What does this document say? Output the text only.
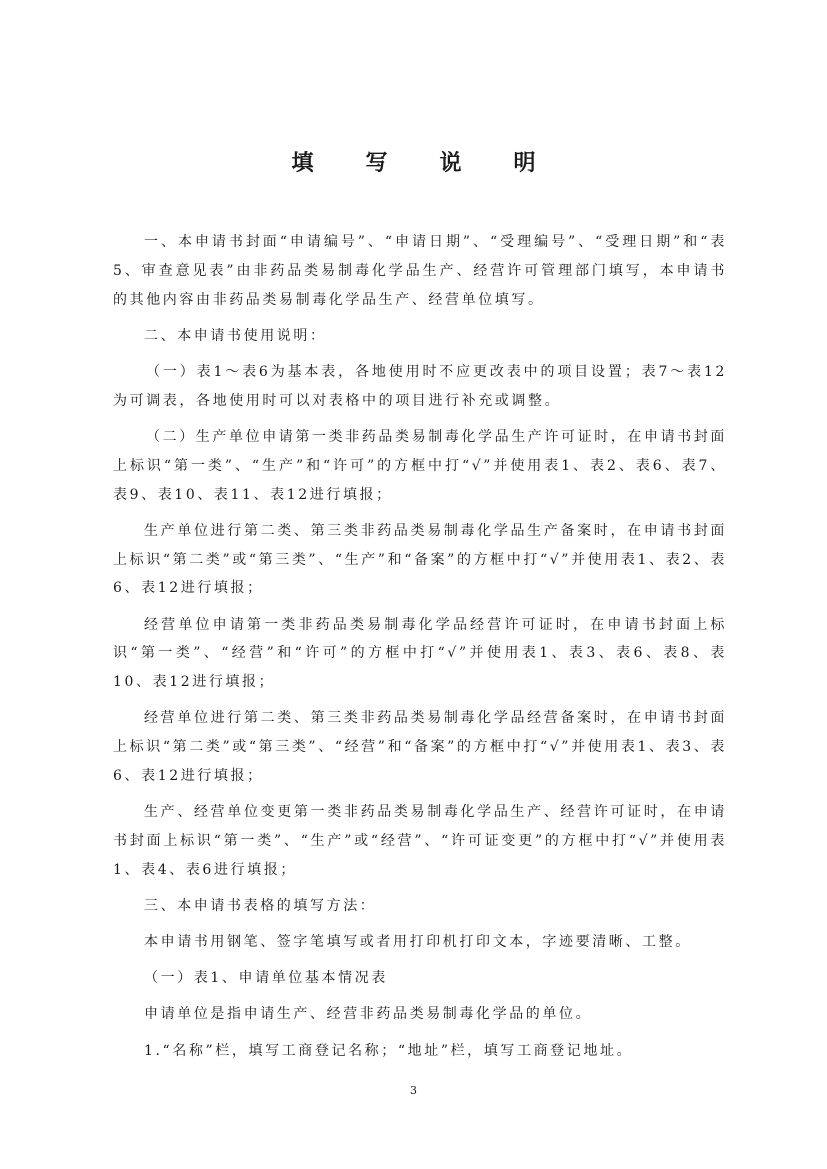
填 写 说 明

一、本申请书封面“申请编号”、“申请日期”、“受理编号”、“受理日期”和“表5、审查意见表”由非药品类易制毒化学品生产、经营许可管理部门填写，本申请书的其他内容由非药品类易制毒化学品生产、经营单位填写。

二、本申请书使用说明：

（一）表1～表6为基本表，各地使用时不应更改表中的项目设置；表7～表12为可调表，各地使用时可以对表格中的项目进行补充或调整。

（二）生产单位申请第一类非药品类易制毒化学品生产许可证时，在申请书封面上标识“第一类”、“生产”和“许可”的方框中打“√”并使用表1、表2、表6、表7、表9、表10、表11、表12进行填报；

生产单位进行第二类、第三类非药品类易制毒化学品生产备案时，在申请书封面上标识“第二类”或“第三类”、“生产”和“备案”的方框中打“√”并使用表1、表2、表6、表12进行填报；

经营单位申请第一类非药品类易制毒化学品经营许可证时，在申请书封面上标识“第一类”、“经营”和“许可”的方框中打“√”并使用表1、表3、表6、表8、表10、表12进行填报；

经营单位进行第二类、第三类非药品类易制毒化学品经营备案时，在申请书封面上标识“第二类”或“第三类”、“经营”和“备案”的方框中打“√”并使用表1、表3、表6、表12进行填报；

生产、经营单位变更第一类非药品类易制毒化学品生产、经营许可证时，在申请书封面上标识“第一类”、“生产”或“经营”、“许可证变更”的方框中打“√”并使用表1、表4、表6进行填报；

三、本申请书表格的填写方法：

本申请书用钢笔、签字笔填写或者用打印机打印文本，字迹要清晰、工整。

（一）表1、申请单位基本情况表

申请单位是指申请生产、经营非药品类易制毒化学品的单位。

1.“名称”栏，填写工商登记名称；“地址”栏，填写工商登记地址。

3
